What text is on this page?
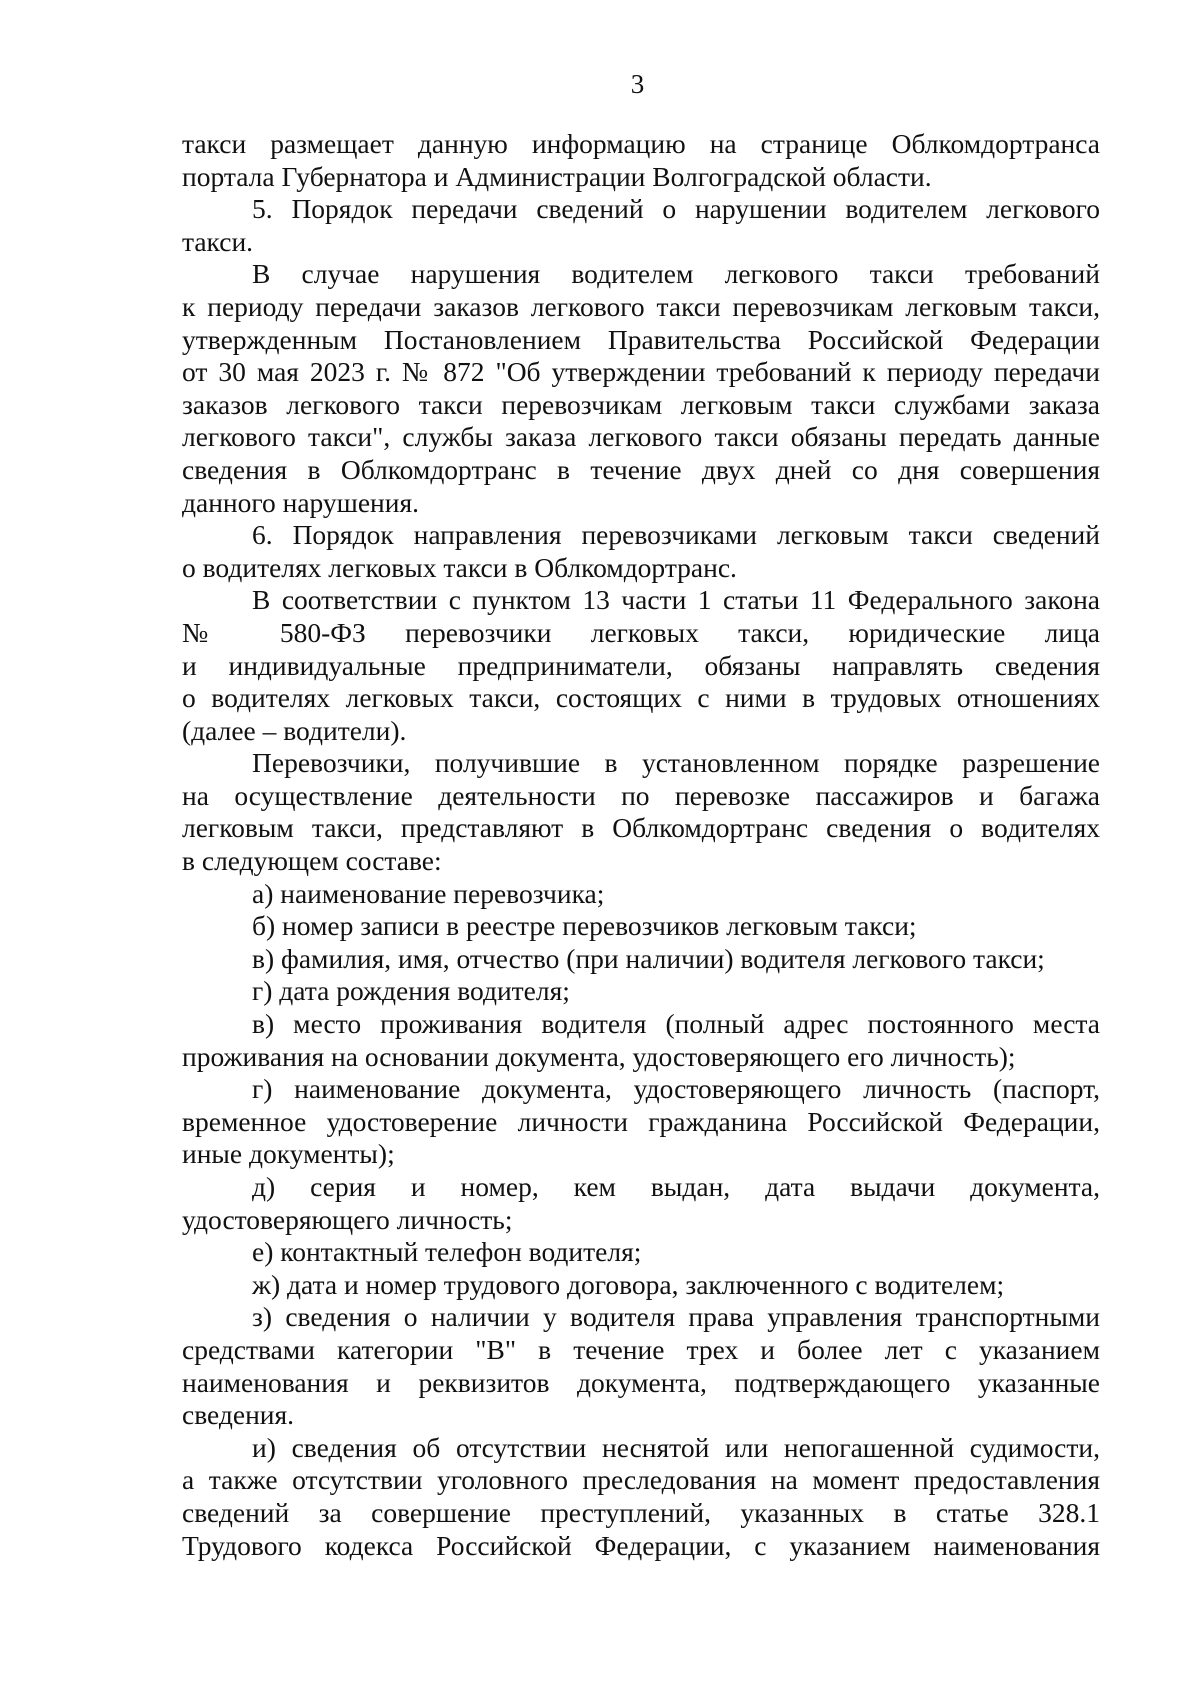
3
такси размещает данную информацию на странице Облкомдортранса
портала Губернатора и Администрации Волгоградской области.
5. Порядок передачи сведений о нарушении водителем легкового
такси.
В случае нарушения водителем легкового такси требований
к периоду передачи заказов легкового такси перевозчикам легковым такси,
утвержденным Постановлением Правительства Российской Федерации
от 30 мая 2023 г. № 872 "Об утверждении требований к периоду передачи
заказов легкового такси перевозчикам легковым такси службами заказа
легкового такси", службы заказа легкового такси обязаны передать данные
сведения в Облкомдортранс в течение двух дней со дня совершения
данного нарушения.
6. Порядок направления перевозчиками легковым такси сведений
о водителях легковых такси в Облкомдортранс.
В соответствии с пунктом 13 части 1 статьи 11 Федерального закона
№ 580-ФЗ перевозчики легковых такси, юридические лица
и индивидуальные предприниматели, обязаны направлять сведения
о водителях легковых такси, состоящих с ними в трудовых отношениях
(далее – водители).
Перевозчики, получившие в установленном порядке разрешение
на осуществление деятельности по перевозке пассажиров и багажа
легковым такси, представляют в Облкомдортранс сведения о водителях
в следующем составе:
а) наименование перевозчика;
б) номер записи в реестре перевозчиков легковым такси;
в) фамилия, имя, отчество (при наличии) водителя легкового такси;
г) дата рождения водителя;
в) место проживания водителя (полный адрес постоянного места
проживания на основании документа, удостоверяющего его личность);
г) наименование документа, удостоверяющего личность (паспорт,
временное удостоверение личности гражданина Российской Федерации,
иные документы);
д) серия и номер, кем выдан, дата выдачи документа,
удостоверяющего личность;
е) контактный телефон водителя;
ж) дата и номер трудового договора, заключенного с водителем;
з) сведения о наличии у водителя права управления транспортными
средствами категории "В" в течение трех и более лет с указанием
наименования и реквизитов документа, подтверждающего указанные
сведения.
и) сведения об отсутствии неснятой или непогашенной судимости,
а также отсутствии уголовного преследования на момент предоставления
сведений за совершение преступлений, указанных в статье 328.1
Трудового кодекса Российской Федерации, с указанием наименования
